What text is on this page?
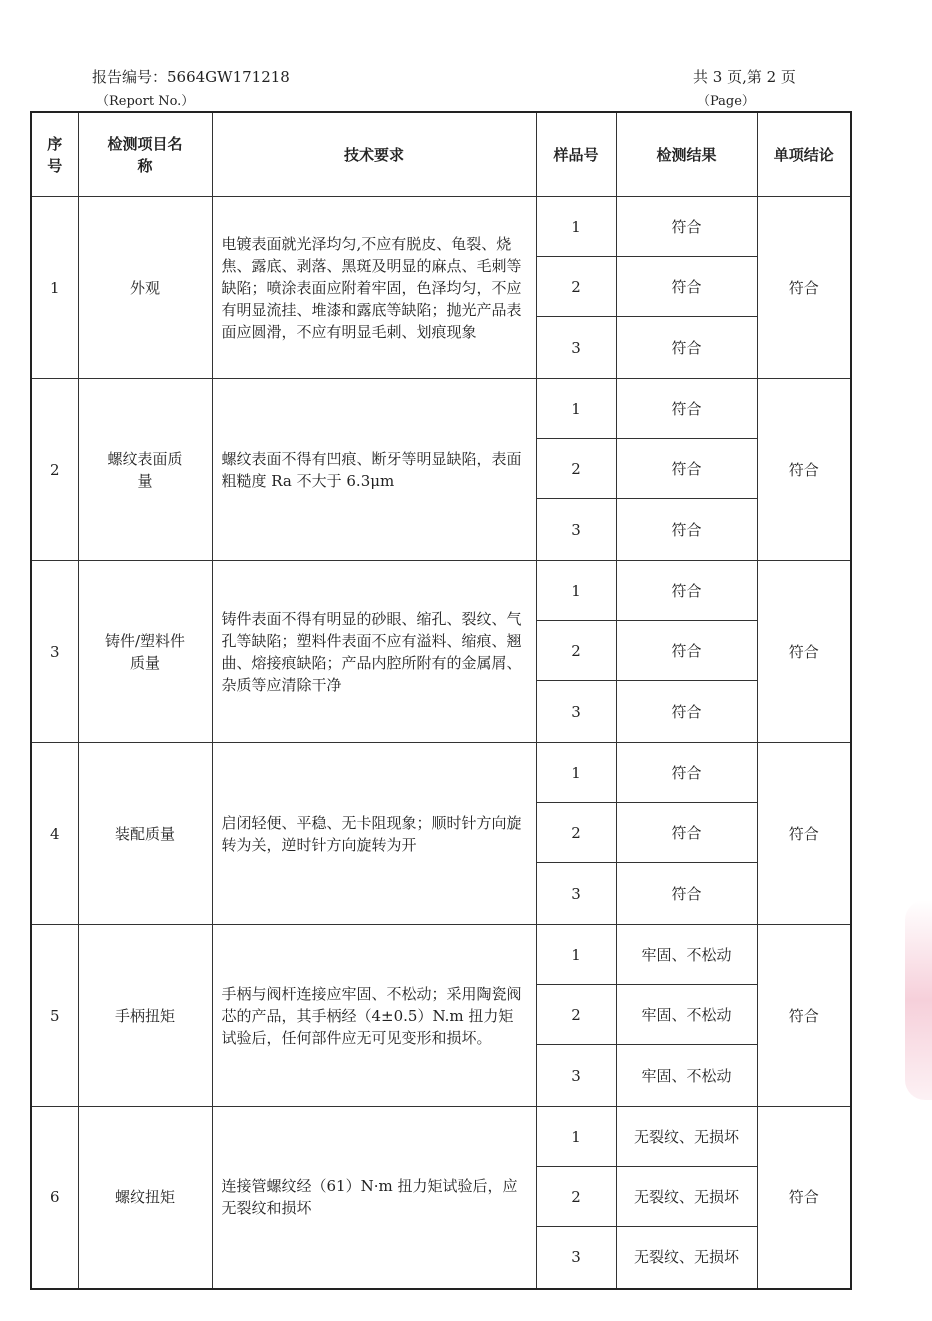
报告编号：5664GW171218
（Report No.）
共 3 页,第 2 页
（Page）
序号	检测项目名称	技术要求	样品号	检测结果	单项结论
1	外观	电镀表面就光泽均匀,不应有脱皮、龟裂、烧焦、露底、剥落、黑斑及明显的麻点、毛刺等缺陷；喷涂表面应附着牢固，色泽均匀，不应有明显流挂、堆漆和露底等缺陷；抛光产品表面应圆滑，不应有明显毛刺、划痕现象	1	符合	符合
			2	符合	
			3	符合	
2	螺纹表面质量	螺纹表面不得有凹痕、断牙等明显缺陷，表面粗糙度 Ra 不大于 6.3μm	1	符合	符合
			2	符合	
			3	符合	
3	铸件/塑料件质量	铸件表面不得有明显的砂眼、缩孔、裂纹、气孔等缺陷；塑料件表面不应有溢料、缩痕、翘曲、熔接痕缺陷；产品内腔所附有的金属屑、杂质等应清除干净	1	符合	符合
			2	符合	
			3	符合	
4	装配质量	启闭轻便、平稳、无卡阻现象；顺时针方向旋转为关，逆时针方向旋转为开	1	符合	符合
			2	符合	
			3	符合	
5	手柄扭矩	手柄与阀杆连接应牢固、不松动；采用陶瓷阀芯的产品，其手柄经（4±0.5）N.m 扭力矩试验后，任何部件应无可见变形和损坏。	1	牢固、不松动	符合
			2	牢固、不松动	
			3	牢固、不松动	
6	螺纹扭矩	连接管螺纹经（61）N·m 扭力矩试验后，应无裂纹和损坏	1	无裂纹、无损坏	符合
			2	无裂纹、无损坏	
			3	无裂纹、无损坏	
